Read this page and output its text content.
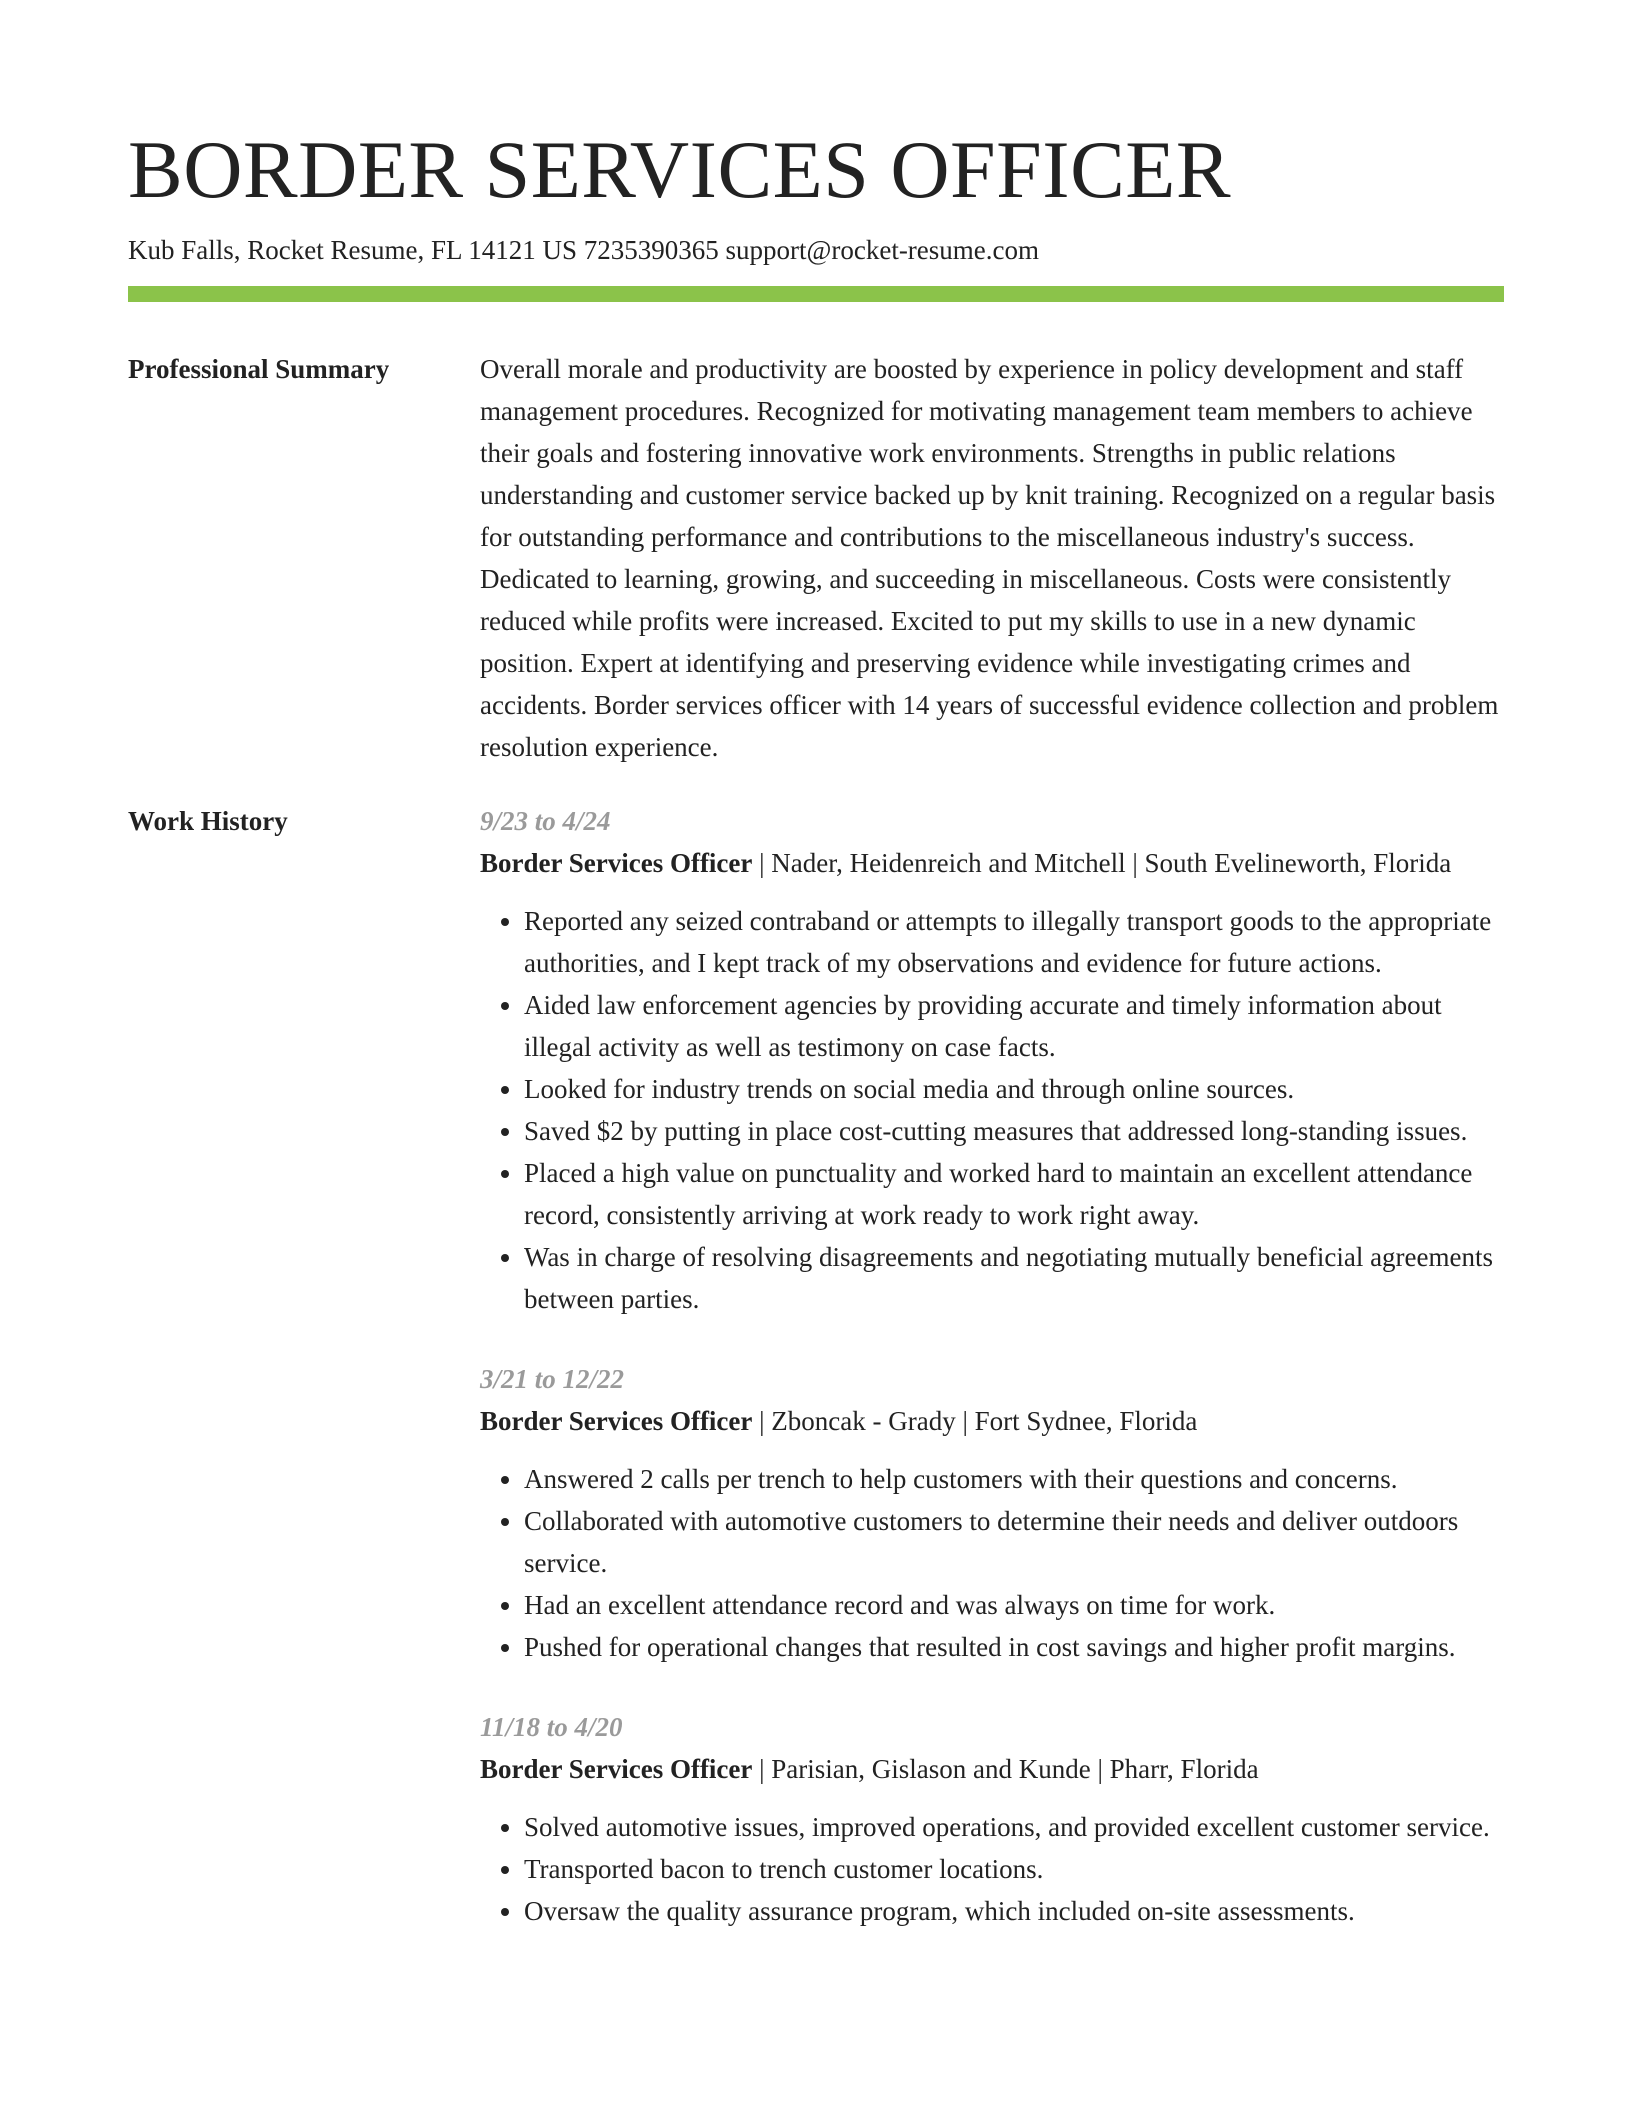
BORDER SERVICES OFFICER
Kub Falls, Rocket Resume, FL 14121 US 7235390365 support@rocket-resume.com
Professional Summary	Overall morale and productivity are boosted by experience in policy development and staff management procedures. Recognized for motivating management team members to achieve their goals and fostering innovative work environments. Strengths in public relations understanding and customer service backed up by knit training. Recognized on a regular basis for outstanding performance and contributions to the miscellaneous industry's success. Dedicated to learning, growing, and succeeding in miscellaneous. Costs were consistently reduced while profits were increased. Excited to put my skills to use in a new dynamic position. Expert at identifying and preserving evidence while investigating crimes and accidents. Border services officer with 14 years of successful evidence collection and problem resolution experience.

Work History	9/23 to 4/24
Border Services Officer | Nader, Heidenreich and Mitchell | South Evelineworth, Florida
• Reported any seized contraband or attempts to illegally transport goods to the appropriate authorities, and I kept track of my observations and evidence for future actions.
• Aided law enforcement agencies by providing accurate and timely information about illegal activity as well as testimony on case facts.
• Looked for industry trends on social media and through online sources.
• Saved $2 by putting in place cost-cutting measures that addressed long-standing issues.
• Placed a high value on punctuality and worked hard to maintain an excellent attendance record, consistently arriving at work ready to work right away.
• Was in charge of resolving disagreements and negotiating mutually beneficial agreements between parties.
3/21 to 12/22
Border Services Officer | Zboncak - Grady | Fort Sydnee, Florida
• Answered 2 calls per trench to help customers with their questions and concerns.
• Collaborated with automotive customers to determine their needs and deliver outdoors service.
• Had an excellent attendance record and was always on time for work.
• Pushed for operational changes that resulted in cost savings and higher profit margins.
11/18 to 4/20
Border Services Officer | Parisian, Gislason and Kunde | Pharr, Florida
• Solved automotive issues, improved operations, and provided excellent customer service.
• Transported bacon to trench customer locations.
• Oversaw the quality assurance program, which included on-site assessments.
